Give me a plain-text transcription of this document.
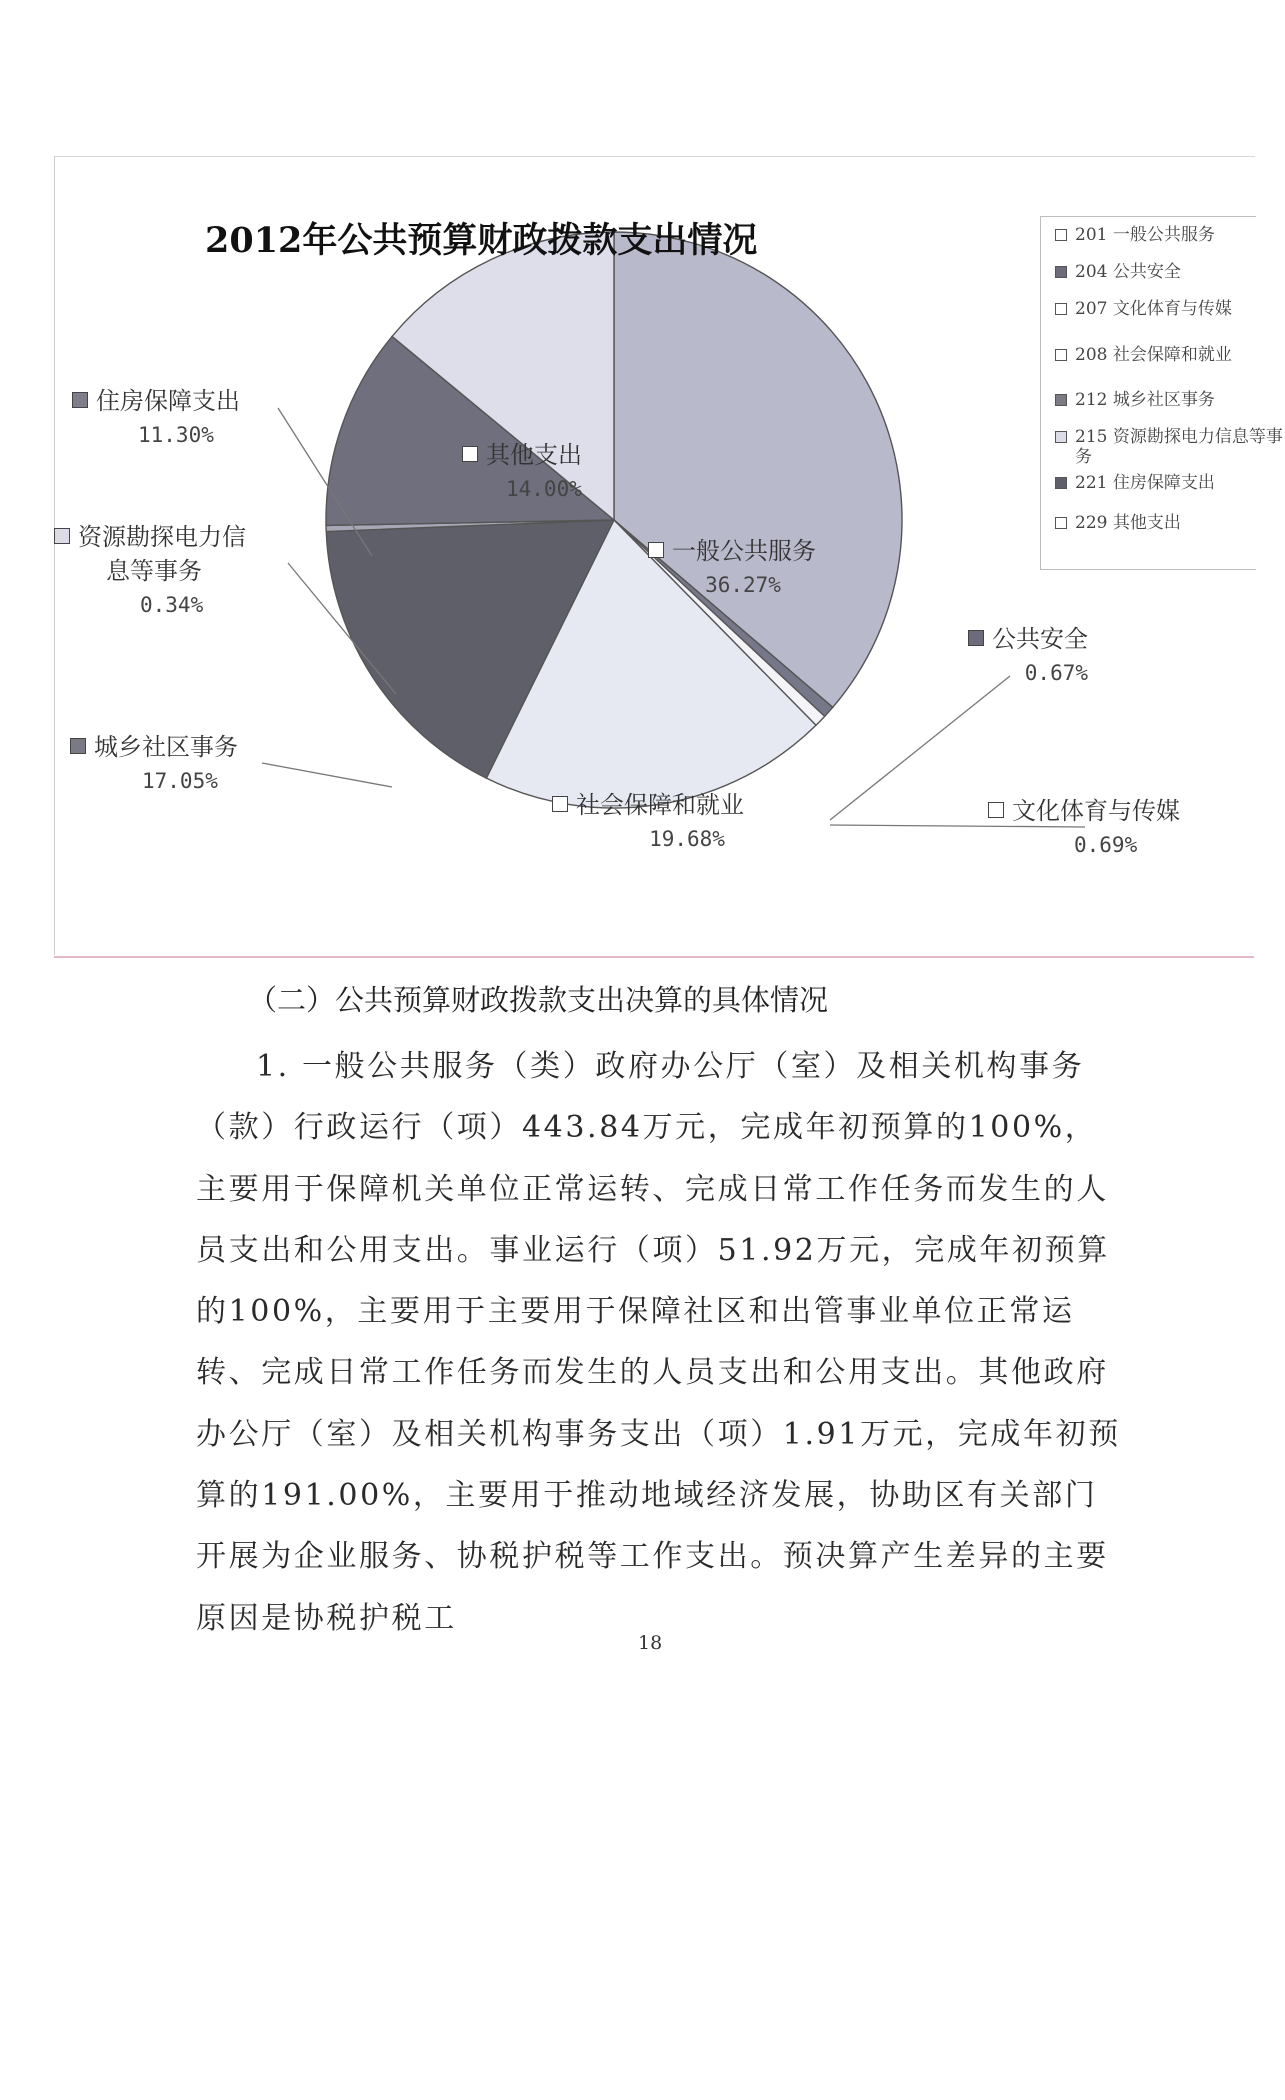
2012年公共预算财政拨款支出情况	201 一般公共服务
204 公共安全
207 文化体育与传媒
208 社会保障和就业
212 城乡社区事务
215 资源勘探电力信息等事务
221 住房保障支出
229 其他支出
一般公共服务
36.27%
公共安全
0.67%
文化体育与传媒
0.69%
社会保障和就业
19.68%
城乡社区事务
17.05%
资源勘探电力信
息等事务
0.34%
住房保障支出
11.30%
其他支出
14.00%
（二）公共预算财政拨款支出决算的具体情况
1. 一般公共服务（类）政府办公厅（室）及相关机构事务（款）行政运行（项）443.84万元，完成年初预算的100%，主要用于保障机关单位正常运转、完成日常工作任务而发生的人员支出和公用支出。事业运行（项）51.92万元，完成年初预算的100%，主要用于主要用于保障社区和出管事业单位正常运转、完成日常工作任务而发生的人员支出和公用支出。其他政府办公厅（室）及相关机构事务支出（项）1.91万元，完成年初预算的191.00%，主要用于推动地域经济发展，协助区有关部门开展为企业服务、协税护税等工作支出。预决算产生差异的主要原因是协税护税工
18
